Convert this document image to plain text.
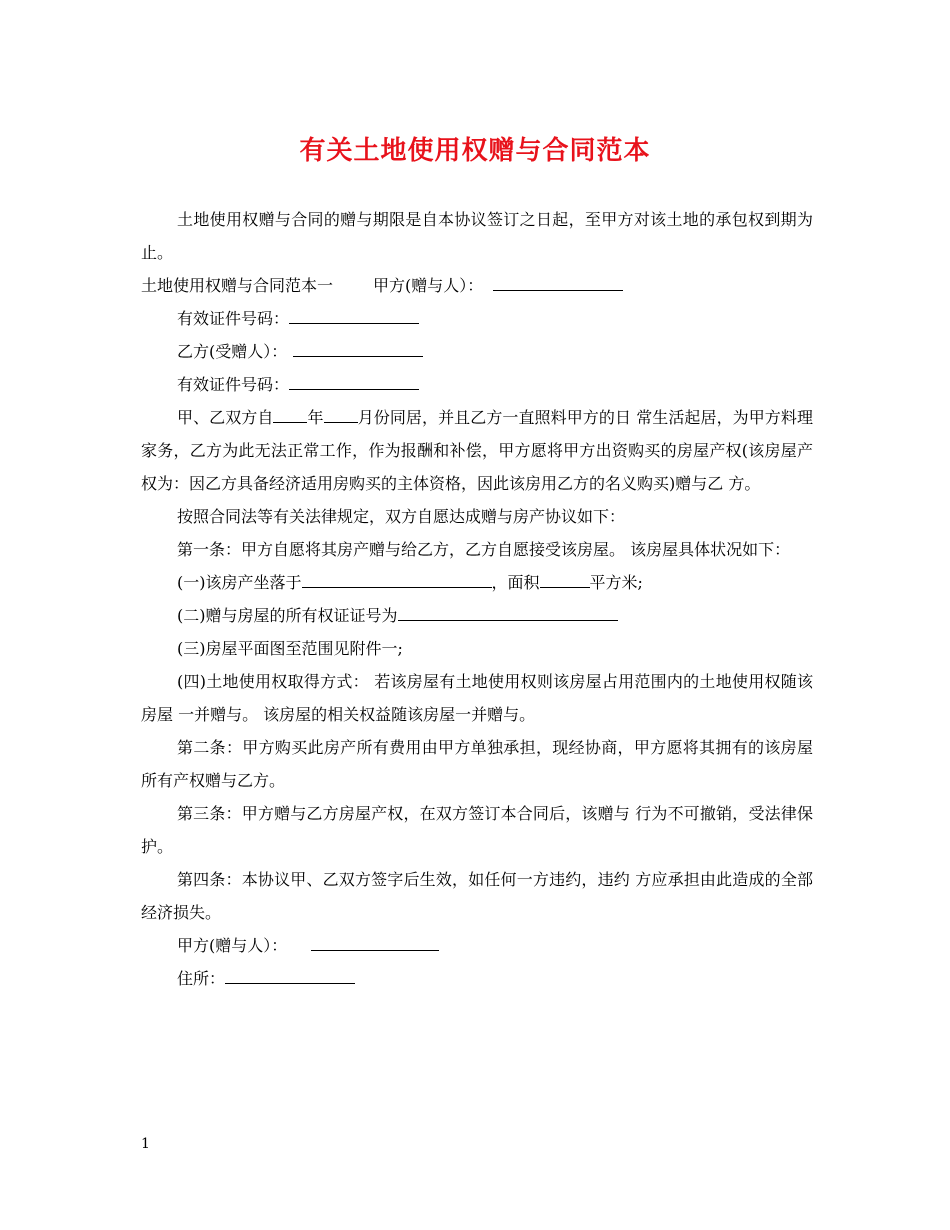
有关土地使用权赠与合同范本

土地使用权赠与合同的赠与期限是自本协议签订之日起，至甲方对该土地的承包权到期为止。

土地使用权赠与合同范本一	甲方(赠与人）：

有效证件号码：

乙方(受赠人）：

有效证件号码：

甲、乙双方自 年 月份同居，并且乙方一直照料甲方的日 常生活起居，为甲方料理家务，乙方为此无法正常工作，作为报酬和补偿，甲方愿将甲方出资购买的房屋产权(该房屋产权为：因乙方具备经济适用房购买的主体资格，因此该房用乙方的名义购买)赠与乙 方。

按照合同法等有关法律规定，双方自愿达成赠与房产协议如下：

第一条：甲方自愿将其房产赠与给乙方，乙方自愿接受该房屋。 该房屋具体状况如下：

(一)该房产坐落于	，面积	平方米;

(二)赠与房屋的所有权证证号为

(三)房屋平面图至范围见附件一;

(四)土地使用权取得方式： 若该房屋有土地使用权则该房屋占用范围内的土地使用权随该房屋 一并赠与。 该房屋的相关权益随该房屋一并赠与。

第二条：甲方购买此房产所有费用由甲方单独承担，现经协商，甲方愿将其拥有的该房屋所有产权赠与乙方。

第三条：甲方赠与乙方房屋产权，在双方签订本合同后，该赠与 行为不可撤销，受法律保护。

第四条：本协议甲、乙双方签字后生效，如任何一方违约，违约 方应承担由此造成的全部经济损失。

甲方(赠与人）：

住所：

1
